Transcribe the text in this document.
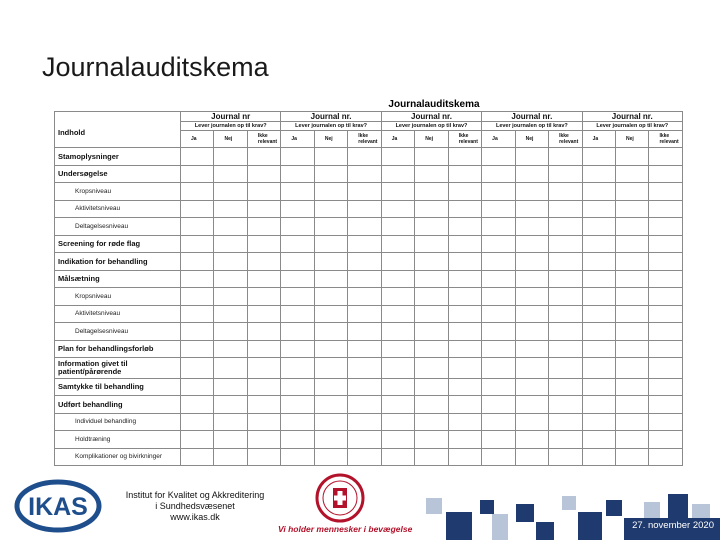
Journalauditskema
Journalauditskema
Indhold	Journal nr			Journal nr.			Journal nr.			Journal nr.			Journal nr.		
	Lever journalen op til krav?			Lever journalen op til krav?			Lever journalen op til krav?			Lever journalen op til krav?			Lever journalen op til krav?		
	Ja	Nej	Ikke relevant	Ja	Nej	Ikke relevant	Ja	Nej	Ikke relevant	Ja	Nej	Ikke relevant	Ja	Nej	Ikke relevant
Stamoplysninger															
Undersøgelse															
Kropsniveau															
Aktivitetsniveau															
Deltagelsesniveau															
Screening for røde flag															
Indikation for behandling															
Målsætning															
Kropsniveau															
Aktivitetsniveau															
Deltagelsesniveau															
Plan for behandlingsforløb															
Information givet til patient/pårørende															
Samtykke til behandling															
Udført behandling															
Individuel behandling															
Holdtræning															
Komplikationer og bivirkninger															
IKAS	Institut for Kvalitet og Akkreditering
i Sundhedsvæsenet
www.ikas.dk
Vi holder mennesker i bevægelse	27. november 2020
